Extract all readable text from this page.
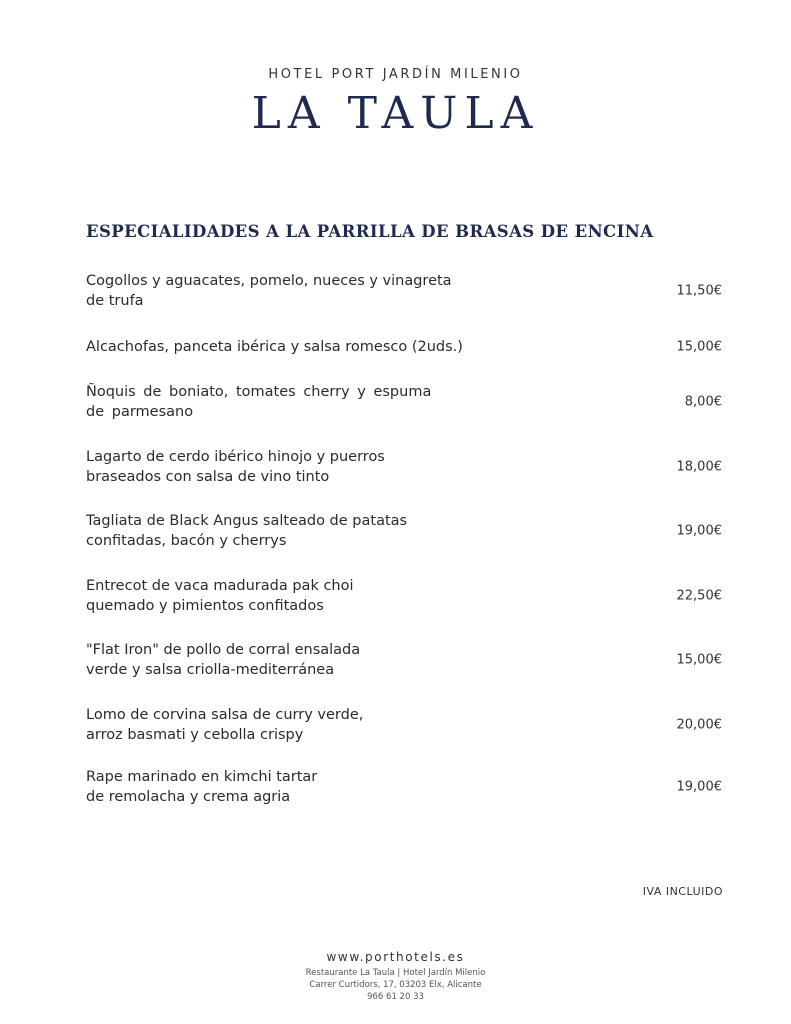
HOTEL PORT JARDÍN MILENIO
LA TAULA
ESPECIALIDADES A LA PARRILLA DE BRASAS DE ENCINA
Cogollos y aguacates, pomelo, nueces y vinagreta
de trufa
11,50€
Alcachofas, panceta ibérica y salsa romesco (2uds.)	15,00€
Ñoquis de boniato, tomates cherry y espuma
de parmesano
8,00€
Lagarto de cerdo ibérico hinojo y puerros
braseados con salsa de vino tinto
18,00€
Tagliata de Black Angus salteado de patatas
confitadas, bacón y cherrys
19,00€
Entrecot de vaca madurada pak choi
quemado y pimientos confitados
22,50€
"Flat Iron" de pollo de corral ensalada
verde y salsa criolla-mediterránea
15,00€
Lomo de corvina salsa de curry verde,
arroz basmati y cebolla crispy
20,00€
Rape marinado en kimchi tartar
de remolacha y crema agria
19,00€
IVA INCLUIDO
www.porthotels.es
Restaurante La Taula | Hotel Jardín Milenio
Carrer Curtidors, 17, 03203 Elx, Alicante
966 61 20 33
